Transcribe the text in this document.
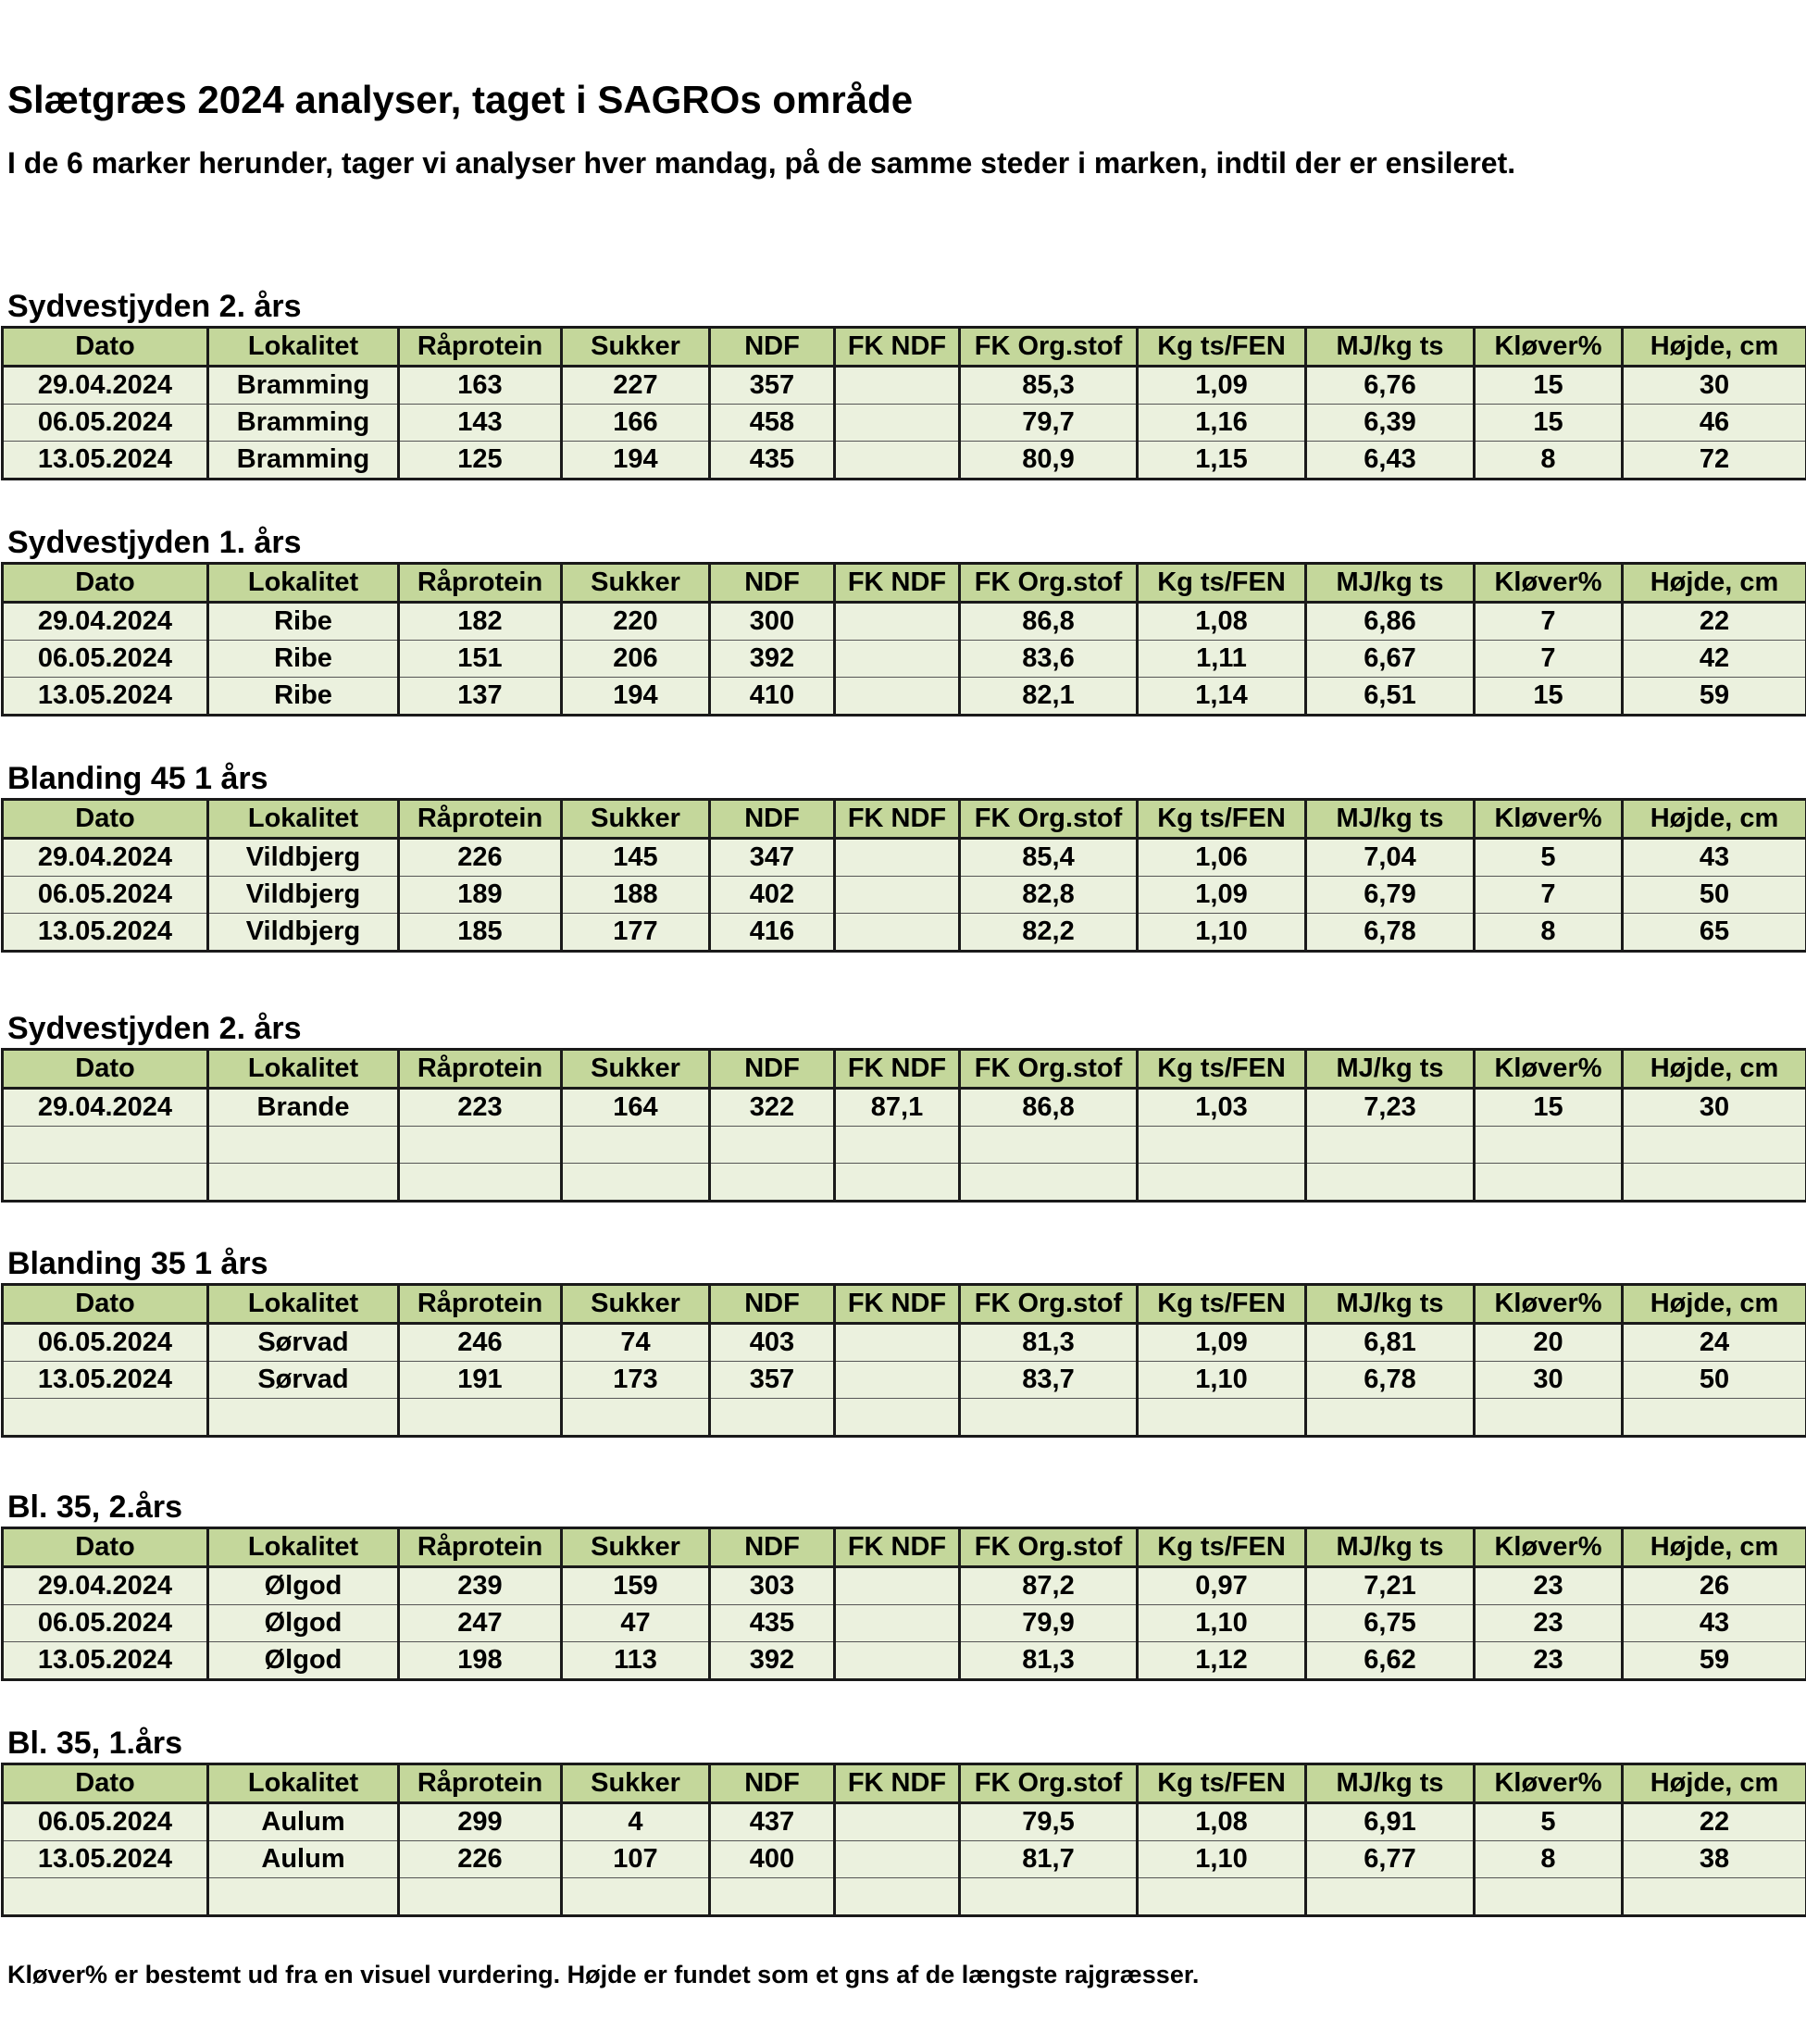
Slætgræs 2024 analyser, taget i SAGROs område

I de 6 marker herunder, tager vi analyser hver mandag, på de samme steder i marken, indtil der er ensileret.

Sydvestjyden 2. års
Dato	Lokalitet	Råprotein	Sukker	NDF	FK NDF	FK Org.stof	Kg ts/FEN	MJ/kg ts	Kløver%	Højde, cm
29.04.2024	Bramming	163	227	357		85,3	1,09	6,76	15	30
06.05.2024	Bramming	143	166	458		79,7	1,16	6,39	15	46
13.05.2024	Bramming	125	194	435		80,9	1,15	6,43	8	72
Sydvestjyden 1. års
Dato	Lokalitet	Råprotein	Sukker	NDF	FK NDF	FK Org.stof	Kg ts/FEN	MJ/kg ts	Kløver%	Højde, cm
29.04.2024	Ribe	182	220	300		86,8	1,08	6,86	7	22
06.05.2024	Ribe	151	206	392		83,6	1,11	6,67	7	42
13.05.2024	Ribe	137	194	410		82,1	1,14	6,51	15	59
Blanding 45 1 års
Dato	Lokalitet	Råprotein	Sukker	NDF	FK NDF	FK Org.stof	Kg ts/FEN	MJ/kg ts	Kløver%	Højde, cm
29.04.2024	Vildbjerg	226	145	347		85,4	1,06	7,04	5	43
06.05.2024	Vildbjerg	189	188	402		82,8	1,09	6,79	7	50
13.05.2024	Vildbjerg	185	177	416		82,2	1,10	6,78	8	65
Sydvestjyden 2. års
Dato	Lokalitet	Råprotein	Sukker	NDF	FK NDF	FK Org.stof	Kg ts/FEN	MJ/kg ts	Kløver%	Højde, cm
29.04.2024	Brande	223	164	322	87,1	86,8	1,03	7,23	15	30

Blanding 35 1 års
Dato	Lokalitet	Råprotein	Sukker	NDF	FK NDF	FK Org.stof	Kg ts/FEN	MJ/kg ts	Kløver%	Højde, cm
06.05.2024	Sørvad	246	74	403		81,3	1,09	6,81	20	24
13.05.2024	Sørvad	191	173	357		83,7	1,10	6,78	30	50

Bl. 35, 2.års
Dato	Lokalitet	Råprotein	Sukker	NDF	FK NDF	FK Org.stof	Kg ts/FEN	MJ/kg ts	Kløver%	Højde, cm
29.04.2024	Ølgod	239	159	303		87,2	0,97	7,21	23	26
06.05.2024	Ølgod	247	47	435		79,9	1,10	6,75	23	43
13.05.2024	Ølgod	198	113	392		81,3	1,12	6,62	23	59
Bl. 35, 1.års
Dato	Lokalitet	Råprotein	Sukker	NDF	FK NDF	FK Org.stof	Kg ts/FEN	MJ/kg ts	Kløver%	Højde, cm
06.05.2024	Aulum	299	4	437		79,5	1,08	6,91	5	22
13.05.2024	Aulum	226	107	400		81,7	1,10	6,77	8	38

Kløver% er bestemt ud fra en visuel vurdering. Højde er fundet som et gns af de længste rajgræsser.
